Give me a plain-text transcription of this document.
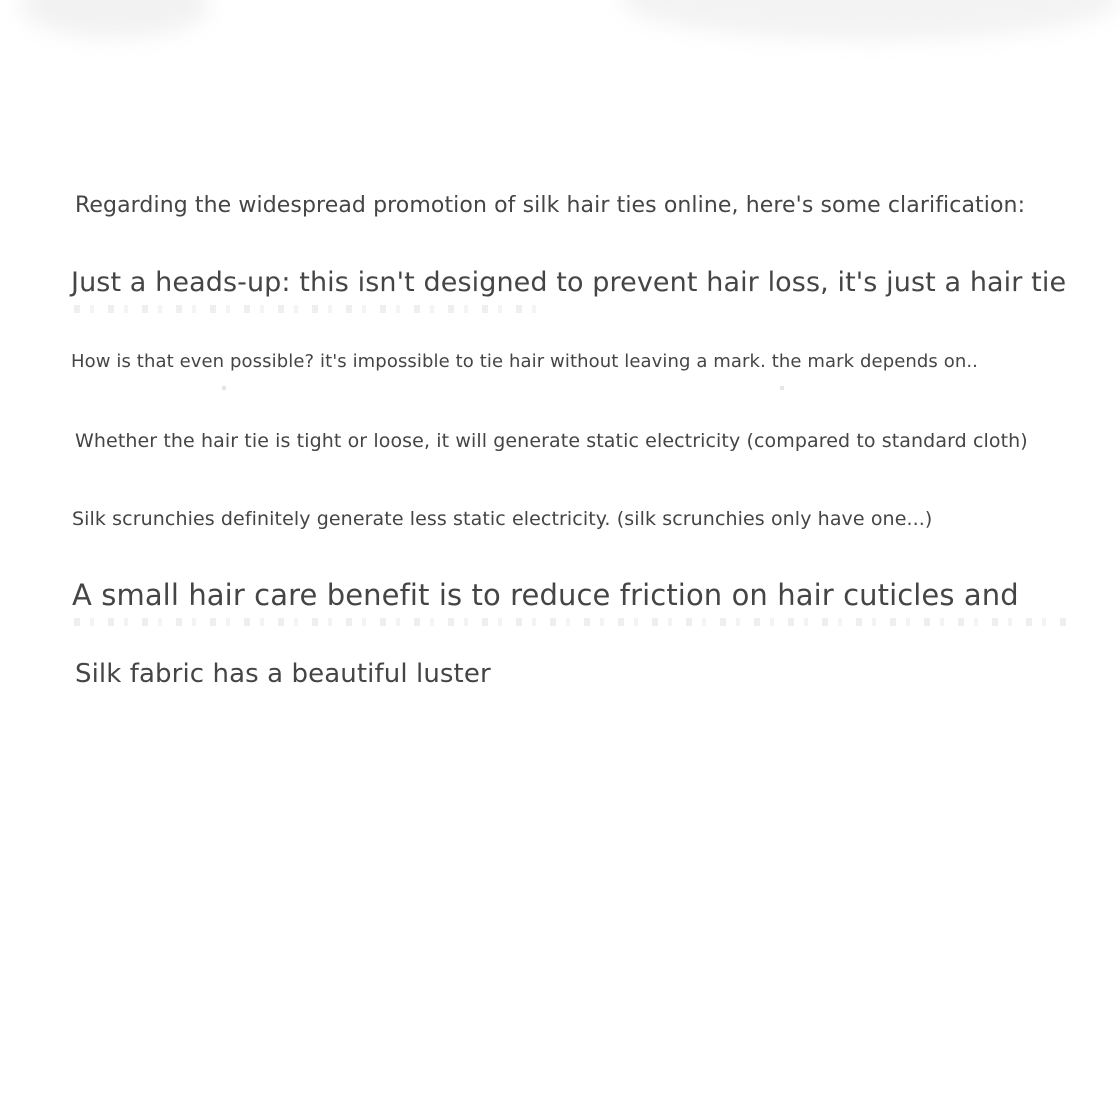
Regarding the widespread promotion of silk hair ties online, here's some clarification:

Just a heads-up: this isn't designed to prevent hair loss, it's just a hair tie

How is that even possible? it's impossible to tie hair without leaving a mark. the mark depends on..

Whether the hair tie is tight or loose, it will generate static electricity (compared to standard cloth)

Silk scrunchies definitely generate less static electricity. (silk scrunchies only have one...)

A small hair care benefit is to reduce friction on hair cuticles and

Silk fabric has a beautiful luster
